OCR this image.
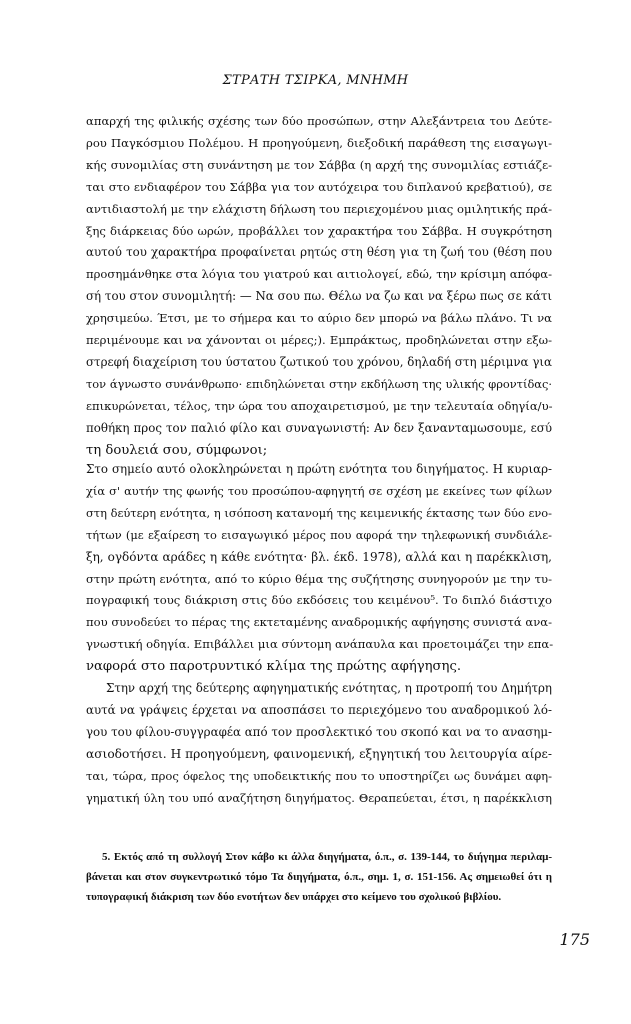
ΣΤΡΑΤΗ ΤΣΙΡΚΑ, ΜΝΗΜΗ
απαρχή της φιλικής σχέσης των δύο προσώπων, στην Αλεξάντρεια του Δεύτε-
ρου Παγκόσμιου Πολέμου. Η προηγούμενη, διεξοδική παράθεση της εισαγωγι-
κής συνομιλίας στη συνάντηση με τον Σάββα (η αρχή της συνομιλίας εστιάζε-
ται στο ενδιαφέρον του Σάββα για τον αυτόχειρα του διπλανού κρεβατιού), σε
αντιδιαστολή με την ελάχιστη δήλωση του περιεχομένου μιας ομιλητικής πρά-
ξης διάρκειας δύο ωρών, προβάλλει τον χαρακτήρα του Σάββα. Η συγκρότηση
αυτού του χαρακτήρα προφαίνεται ρητώς στη θέση για τη ζωή του (θέση που
προσημάνθηκε στα λόγια του γιατρού και αιτιολογεί, εδώ, την κρίσιμη απόφα-
σή του στον συνομιλητή: — Να σου πω. Θέλω να ζω και να ξέρω πως σε κάτι
χρησιμεύω. Έτσι, με το σήμερα και το αύριο δεν μπορώ να βάλω πλάνο. Τι να
περιμένουμε και να χάνονται οι μέρες;). Εμπράκτως, προδηλώνεται στην εξω-
στρεφή διαχείριση του ύστατου ζωτικού του χρόνου, δηλαδή στη μέριμνα για
τον άγνωστο συνάνθρωπο· επιδηλώνεται στην εκδήλωση της υλικής φροντίδας·
επικυρώνεται, τέλος, την ώρα του αποχαιρετισμού, με την τελευταία οδηγία/υ-
ποθήκη προς τον παλιό φίλο και συναγωνιστή: Αν δεν ξανανταμωσουμε, εσύ
τη δουλειά σου, σύμφωνοι;
Στο σημείο αυτό ολοκληρώνεται η πρώτη ενότητα του διηγήματος. Η κυριαρ-
χία σ' αυτήν της φωνής του προσώπου-αφηγητή σε σχέση με εκείνες των φίλων
στη δεύτερη ενότητα, η ισόποση κατανομή της κειμενικής έκτασης των δύο ενο-
τήτων (με εξαίρεση το εισαγωγικό μέρος που αφορά την τηλεφωνική συνδιάλε-
ξη, ογδόντα αράδες η κάθε ενότητα· βλ. έκδ. 1978), αλλά και η παρέκκλιση,
στην πρώτη ενότητα, από το κύριο θέμα της συζήτησης συνηγορούν με την τυ-
πογραφική τους διάκριση στις δύο εκδόσεις του κειμένου⁵. Το διπλό διάστιχο
που συνοδεύει το πέρας της εκτεταμένης αναδρομικής αφήγησης συνιστά ανα-
γνωστική οδηγία. Επιβάλλει μια σύντομη ανάπαυλα και προετοιμάζει την επα-
ναφορά στο παροτρυντικό κλίμα της πρώτης αφήγησης.
Στην αρχή της δεύτερης αφηγηματικής ενότητας, η προτροπή του Δημήτρη
αυτά να γράψεις έρχεται να αποσπάσει το περιεχόμενο του αναδρομικού λό-
γου του φίλου-συγγραφέα από τον προσλεκτικό του σκοπό και να το ανασημ-
ασιοδοτήσει. Η προηγούμενη, φαινομενική, εξηγητική του λειτουργία αίρε-
ται, τώρα, προς όφελος της υποδεικτικής που το υποστηρίζει ως δυνάμει αφη-
γηματική ύλη του υπό αναζήτηση διηγήματος. Θεραπεύεται, έτσι, η παρέκκλιση
5. Εκτός από τη συλλογή Στον κάβο κι άλλα διηγήματα, ό.π., σ. 139-144, το διήγημα περιλαμ-
βάνεται και στον συγκεντρωτικό τόμο Τα διηγήματα, ό.π., σημ. 1, σ. 151-156. Ας σημειωθεί ότι η
τυπογραφική διάκριση των δύο ενοτήτων δεν υπάρχει στο κείμενο του σχολικού βιβλίου.
175
